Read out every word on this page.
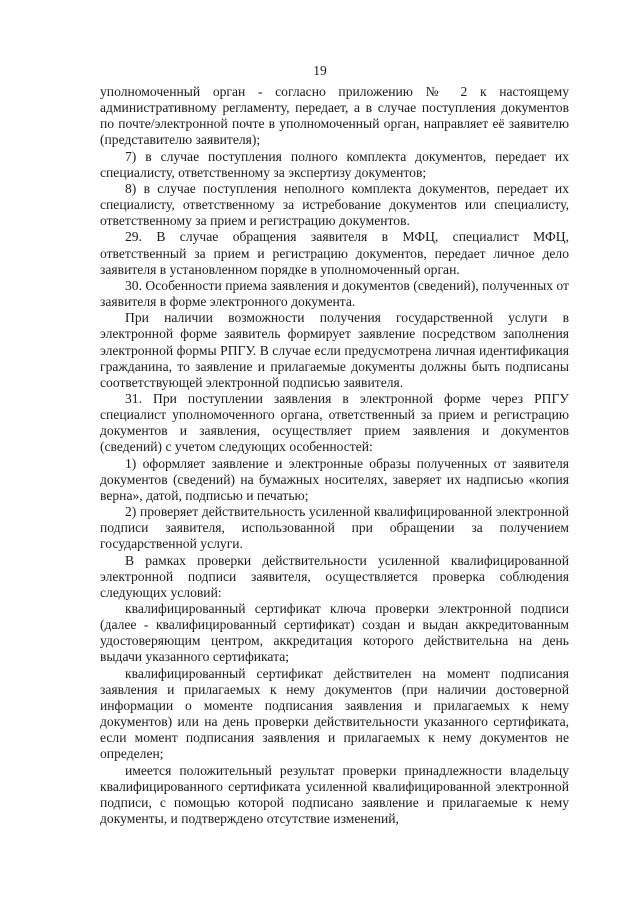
19

уполномоченный орган - согласно приложению № 2 к настоящему административному регламенту, передает, а в случае поступления документов по почте/электронной почте в уполномоченный орган, направляет её заявителю (представителю заявителя);

7) в случае поступления полного комплекта документов, передает их специалисту, ответственному за экспертизу документов;

8) в случае поступления неполного комплекта документов, передает их специалисту, ответственному за истребование документов или специалисту, ответственному за прием и регистрацию документов.

29. В случае обращения заявителя в МФЦ, специалист МФЦ, ответственный за прием и регистрацию документов, передает личное дело заявителя в установленном порядке в уполномоченный орган.

30. Особенности приема заявления и документов (сведений), полученных от заявителя в форме электронного документа.

При наличии возможности получения государственной услуги в электронной форме заявитель формирует заявление посредством заполнения электронной формы РПГУ. В случае если предусмотрена личная идентификация гражданина, то заявление и прилагаемые документы должны быть подписаны соответствующей электронной подписью заявителя.

31. При поступлении заявления в электронной форме через РПГУ специалист уполномоченного органа, ответственный за прием и регистрацию документов и заявления, осуществляет прием заявления и документов (сведений) с учетом следующих особенностей:

1) оформляет заявление и электронные образы полученных от заявителя документов (сведений) на бумажных носителях, заверяет их надписью «копия верна», датой, подписью и печатью;

2) проверяет действительность усиленной квалифицированной электронной подписи заявителя, использованной при обращении за получением государственной услуги.

В рамках проверки действительности усиленной квалифицированной электронной подписи заявителя, осуществляется проверка соблюдения следующих условий:

квалифицированный сертификат ключа проверки электронной подписи (далее - квалифицированный сертификат) создан и выдан аккредитованным удостоверяющим центром, аккредитация которого действительна на день выдачи указанного сертификата;

квалифицированный сертификат действителен на момент подписания заявления и прилагаемых к нему документов (при наличии достоверной информации о моменте подписания заявления и прилагаемых к нему документов) или на день проверки действительности указанного сертификата, если момент подписания заявления и прилагаемых к нему документов не определен;

имеется положительный результат проверки принадлежности владельцу квалифицированного сертификата усиленной квалифицированной электронной подписи, с помощью которой подписано заявление и прилагаемые к нему документы, и подтверждено отсутствие изменений,
